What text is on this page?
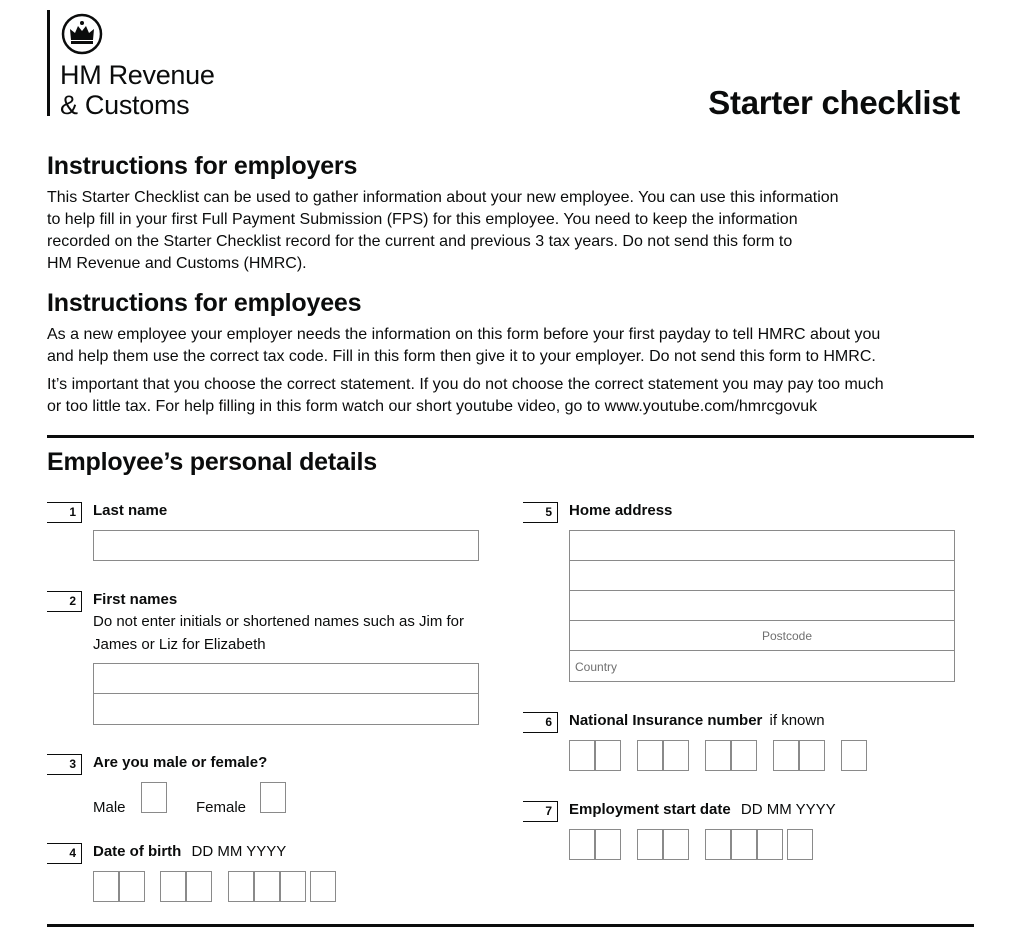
HM Revenue
& Customs	Starter checklist
Instructions for employers
This Starter Checklist can be used to gather information about your new employee. You can use this information
to help fill in your first Full Payment Submission (FPS) for this employee. You need to keep the information
recorded on the Starter Checklist record for the current and previous 3 tax years. Do not send this form to
HM Revenue and Customs (HMRC).
Instructions for employees
As a new employee your employer needs the information on this form before your first payday to tell HMRC about you
and help them use the correct tax code. Fill in this form then give it to your employer. Do not send this form to HMRC.
It’s important that you choose the correct statement. If you do not choose the correct statement you may pay too much
or too little tax. For help filling in this form watch our short youtube video, go to www.youtube.com/hmrcgovuk
Employee’s personal details
1	Last name
2	First names
Do not enter initials or shortened names such as Jim for
James or Liz for Elizabeth
3	Are you male or female?
Male	Female
4	Date of birth DD MM YYYY
5	Home address
Postcode
Country
6	National Insurance number if known
7	Employment start date DD MM YYYY
